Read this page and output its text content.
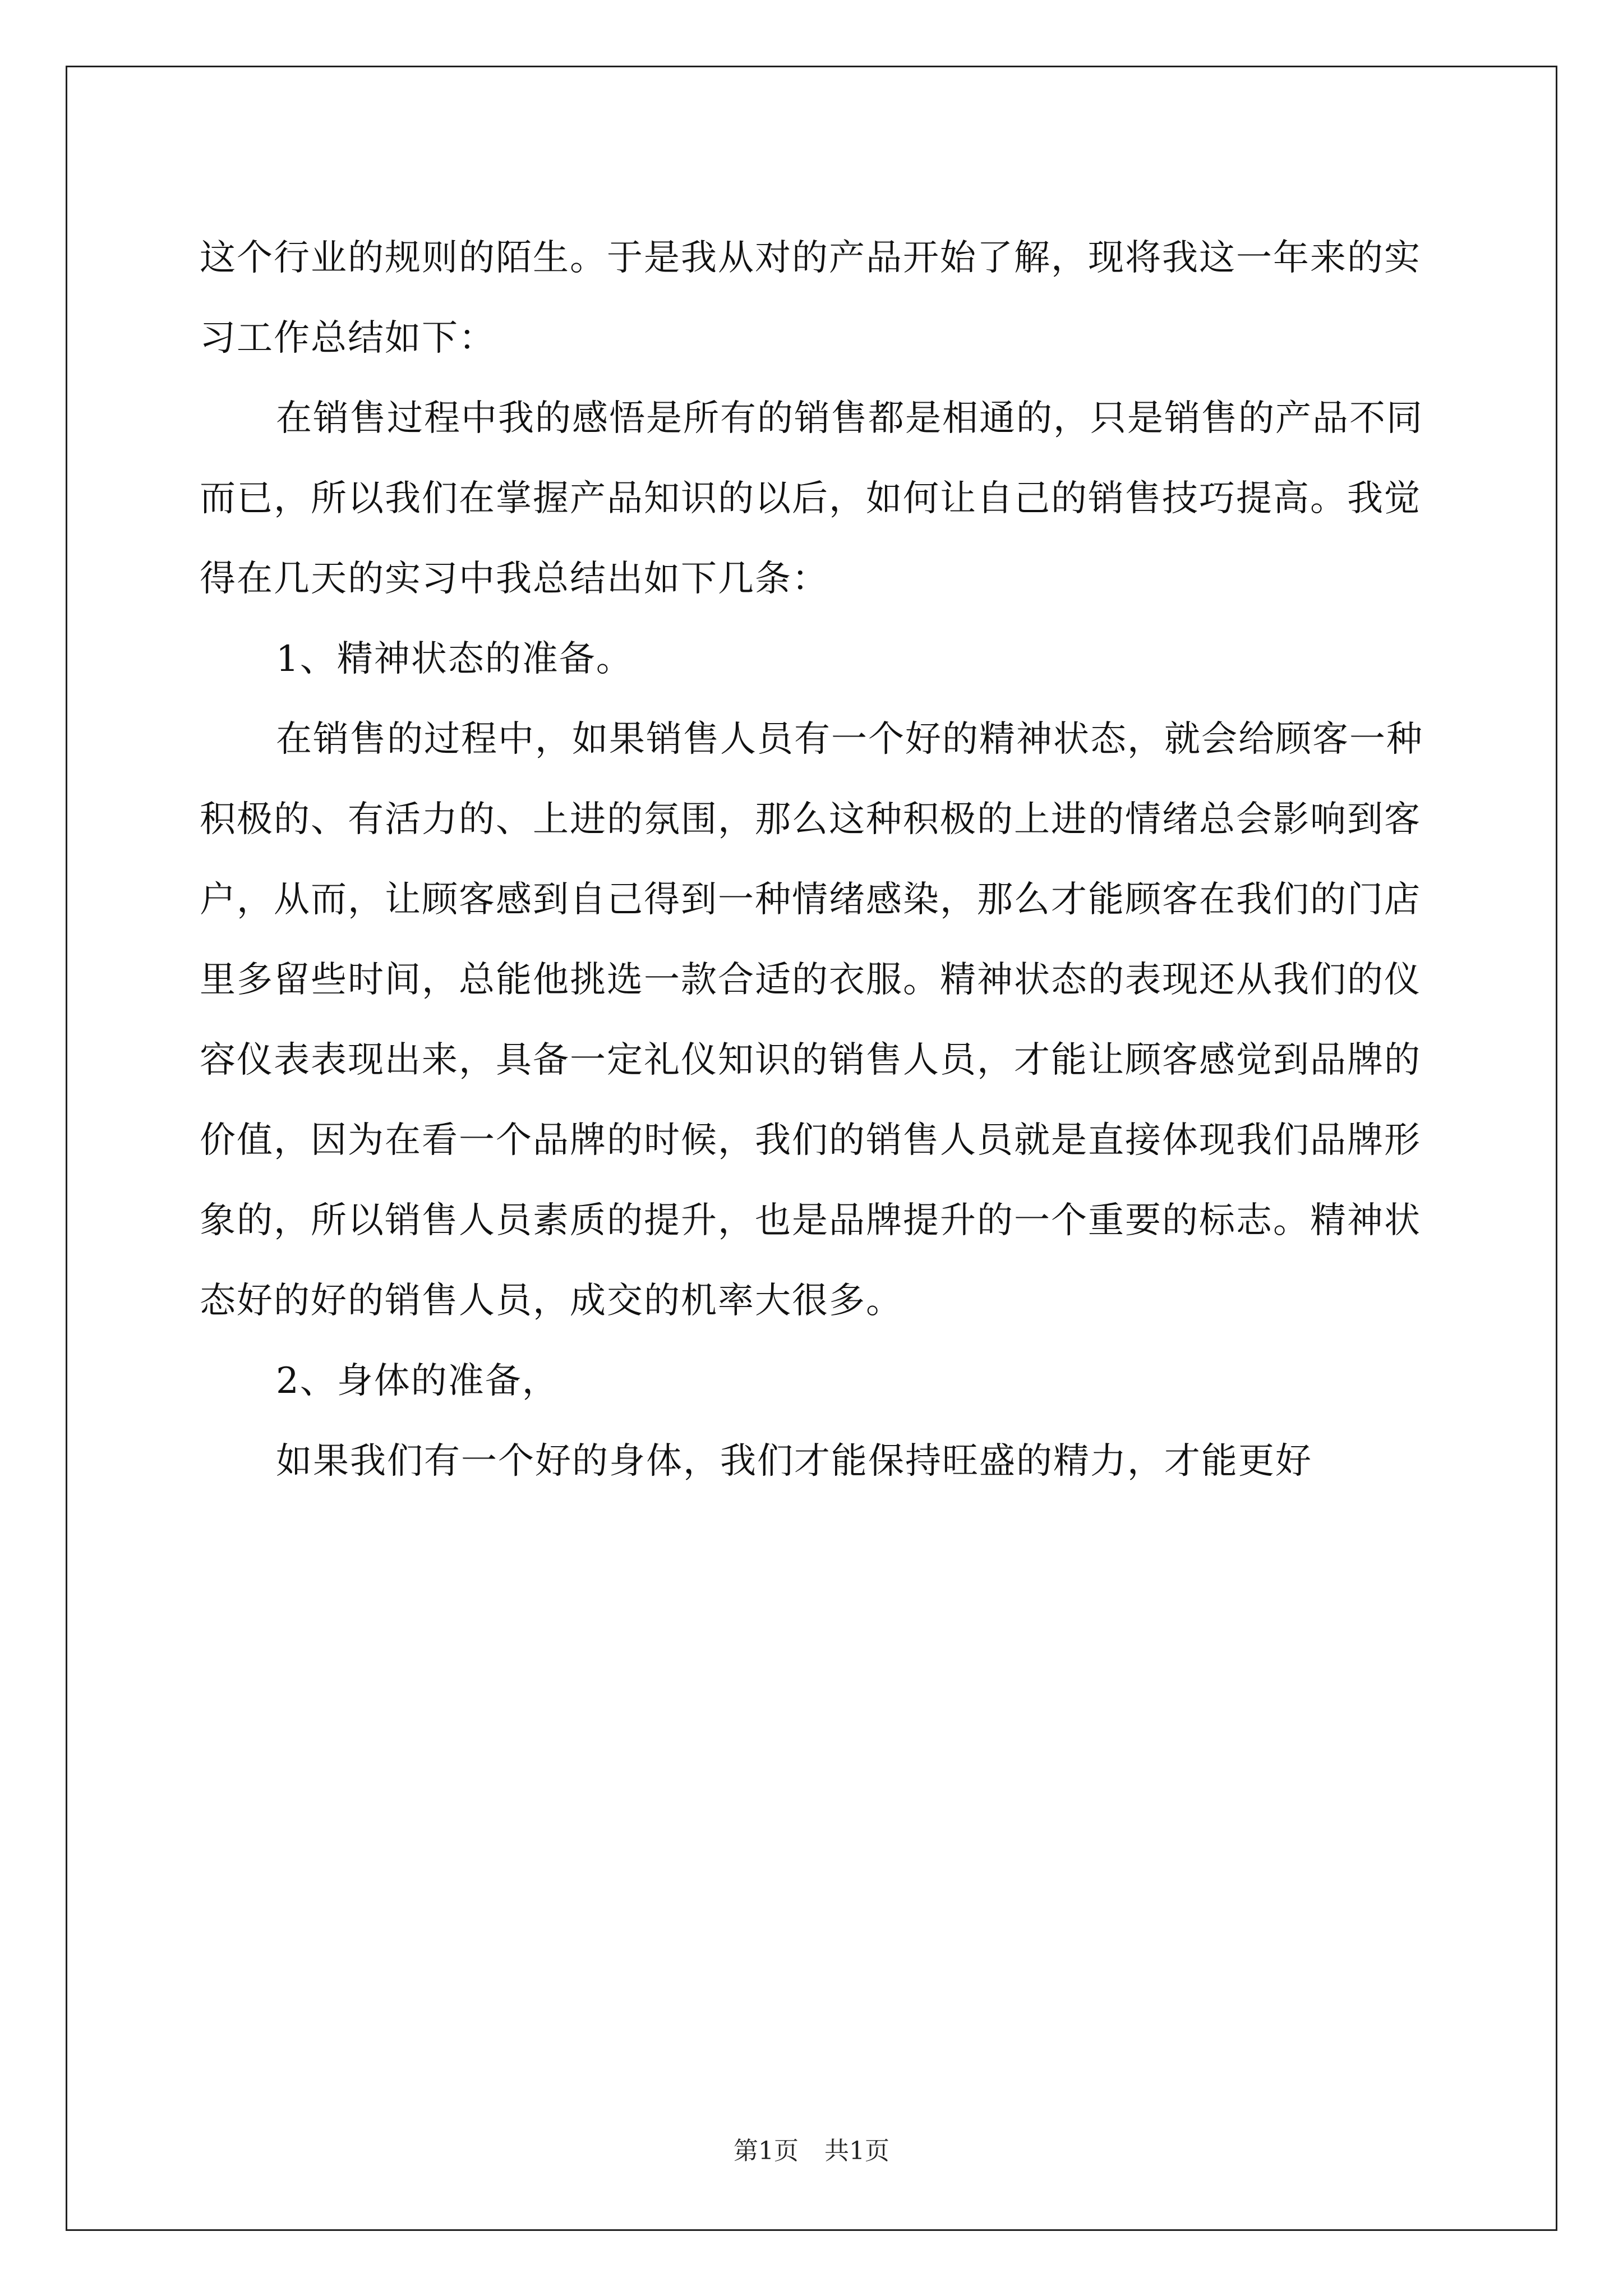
这个行业的规则的陌生。于是我从对的产品开始了解，现将我这一年来的实习工作总结如下：

在销售过程中我的感悟是所有的销售都是相通的，只是销售的产品不同而已，所以我们在掌握产品知识的以后，如何让自己的销售技巧提高。我觉得在几天的实习中我总结出如下几条：

1、精神状态的准备。

在销售的过程中，如果销售人员有一个好的精神状态，就会给顾客一种积极的、有活力的、上进的氛围，那么这种积极的上进的情绪总会影响到客户，从而，让顾客感到自己得到一种情绪感染，那么才能顾客在我们的门店里多留些时间，总能他挑选一款合适的衣服。精神状态的表现还从我们的仪容仪表表现出来，具备一定礼仪知识的销售人员，才能让顾客感觉到品牌的价值，因为在看一个品牌的时候，我们的销售人员就是直接体现我们品牌形象的，所以销售人员素质的提升，也是品牌提升的一个重要的标志。精神状态好的好的销售人员，成交的机率大很多。

2、身体的准备，

如果我们有一个好的身体，我们才能保持旺盛的精力，才能更好

第1页 共1页
